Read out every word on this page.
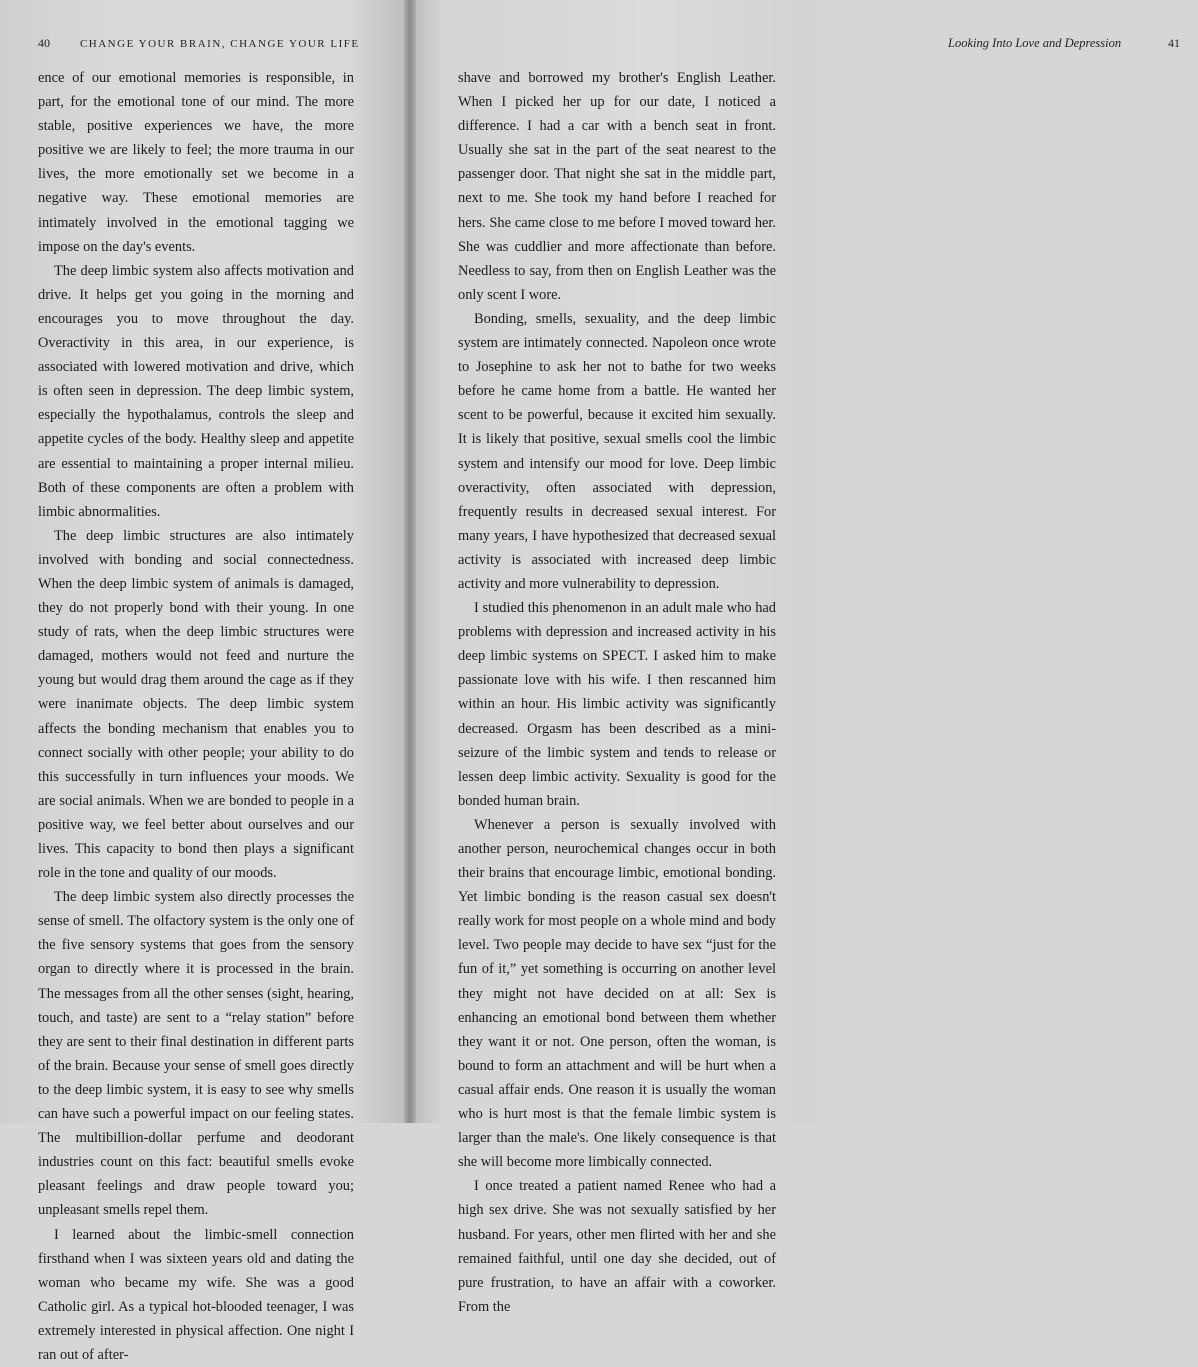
40	CHANGE YOUR BRAIN, CHANGE YOUR LIFE

ence of our emotional memories is responsible, in part, for the emotional tone of our mind. The more stable, positive experiences we have, the more positive we are likely to feel; the more trauma in our lives, the more emotionally set we become in a negative way. These emotional memories are intimately involved in the emotional tagging we impose on the day's events.

The deep limbic system also affects motivation and drive. It helps get you going in the morning and encourages you to move throughout the day. Overactivity in this area, in our experience, is associated with lowered motivation and drive, which is often seen in depression. The deep limbic system, especially the hypothalamus, controls the sleep and appetite cycles of the body. Healthy sleep and appetite are essential to maintaining a proper internal milieu. Both of these components are often a problem with limbic abnormalities.

The deep limbic structures are also intimately involved with bonding and social connectedness. When the deep limbic system of animals is damaged, they do not properly bond with their young. In one study of rats, when the deep limbic structures were damaged, mothers would not feed and nurture the young but would drag them around the cage as if they were inanimate objects. The deep limbic system affects the bonding mechanism that enables you to connect socially with other people; your ability to do this successfully in turn influences your moods. We are social animals. When we are bonded to people in a positive way, we feel better about ourselves and our lives. This capacity to bond then plays a significant role in the tone and quality of our moods.

The deep limbic system also directly processes the sense of smell. The olfactory system is the only one of the five sensory systems that goes from the sensory organ to directly where it is processed in the brain. The messages from all the other senses (sight, hearing, touch, and taste) are sent to a “relay station” before they are sent to their final destination in different parts of the brain. Because your sense of smell goes directly to the deep limbic system, it is easy to see why smells can have such a powerful impact on our feeling states. The multibillion-dollar perfume and deodorant industries count on this fact: beautiful smells evoke pleasant feelings and draw people toward you; unpleasant smells repel them.

I learned about the limbic-smell connection firsthand when I was sixteen years old and dating the woman who became my wife. She was a good Catholic girl. As a typical hot-blooded teenager, I was extremely interested in physical affection. One night I ran out of after-

Looking Into Love and Depression	41

shave and borrowed my brother's English Leather. When I picked her up for our date, I noticed a difference. I had a car with a bench seat in front. Usually she sat in the part of the seat nearest to the passenger door. That night she sat in the middle part, next to me. She took my hand before I reached for hers. She came close to me before I moved toward her. She was cuddlier and more affectionate than before. Needless to say, from then on English Leather was the only scent I wore.

Bonding, smells, sexuality, and the deep limbic system are intimately connected. Napoleon once wrote to Josephine to ask her not to bathe for two weeks before he came home from a battle. He wanted her scent to be powerful, because it excited him sexually. It is likely that positive, sexual smells cool the limbic system and intensify our mood for love. Deep limbic overactivity, often associated with depression, frequently results in decreased sexual interest. For many years, I have hypothesized that decreased sexual activity is associated with increased deep limbic activity and more vulnerability to depression.

I studied this phenomenon in an adult male who had problems with depression and increased activity in his deep limbic systems on SPECT. I asked him to make passionate love with his wife. I then rescanned him within an hour. His limbic activity was significantly decreased. Orgasm has been described as a mini-seizure of the limbic system and tends to release or lessen deep limbic activity. Sexuality is good for the bonded human brain.

Whenever a person is sexually involved with another person, neurochemical changes occur in both their brains that encourage limbic, emotional bonding. Yet limbic bonding is the reason casual sex doesn't really work for most people on a whole mind and body level. Two people may decide to have sex “just for the fun of it,” yet something is occurring on another level they might not have decided on at all: Sex is enhancing an emotional bond between them whether they want it or not. One person, often the woman, is bound to form an attachment and will be hurt when a casual affair ends. One reason it is usually the woman who is hurt most is that the female limbic system is larger than the male's. One likely consequence is that she will become more limbically connected.

I once treated a patient named Renee who had a high sex drive. She was not sexually satisfied by her husband. For years, other men flirted with her and she remained faithful, until one day she decided, out of pure frustration, to have an affair with a coworker. From the
